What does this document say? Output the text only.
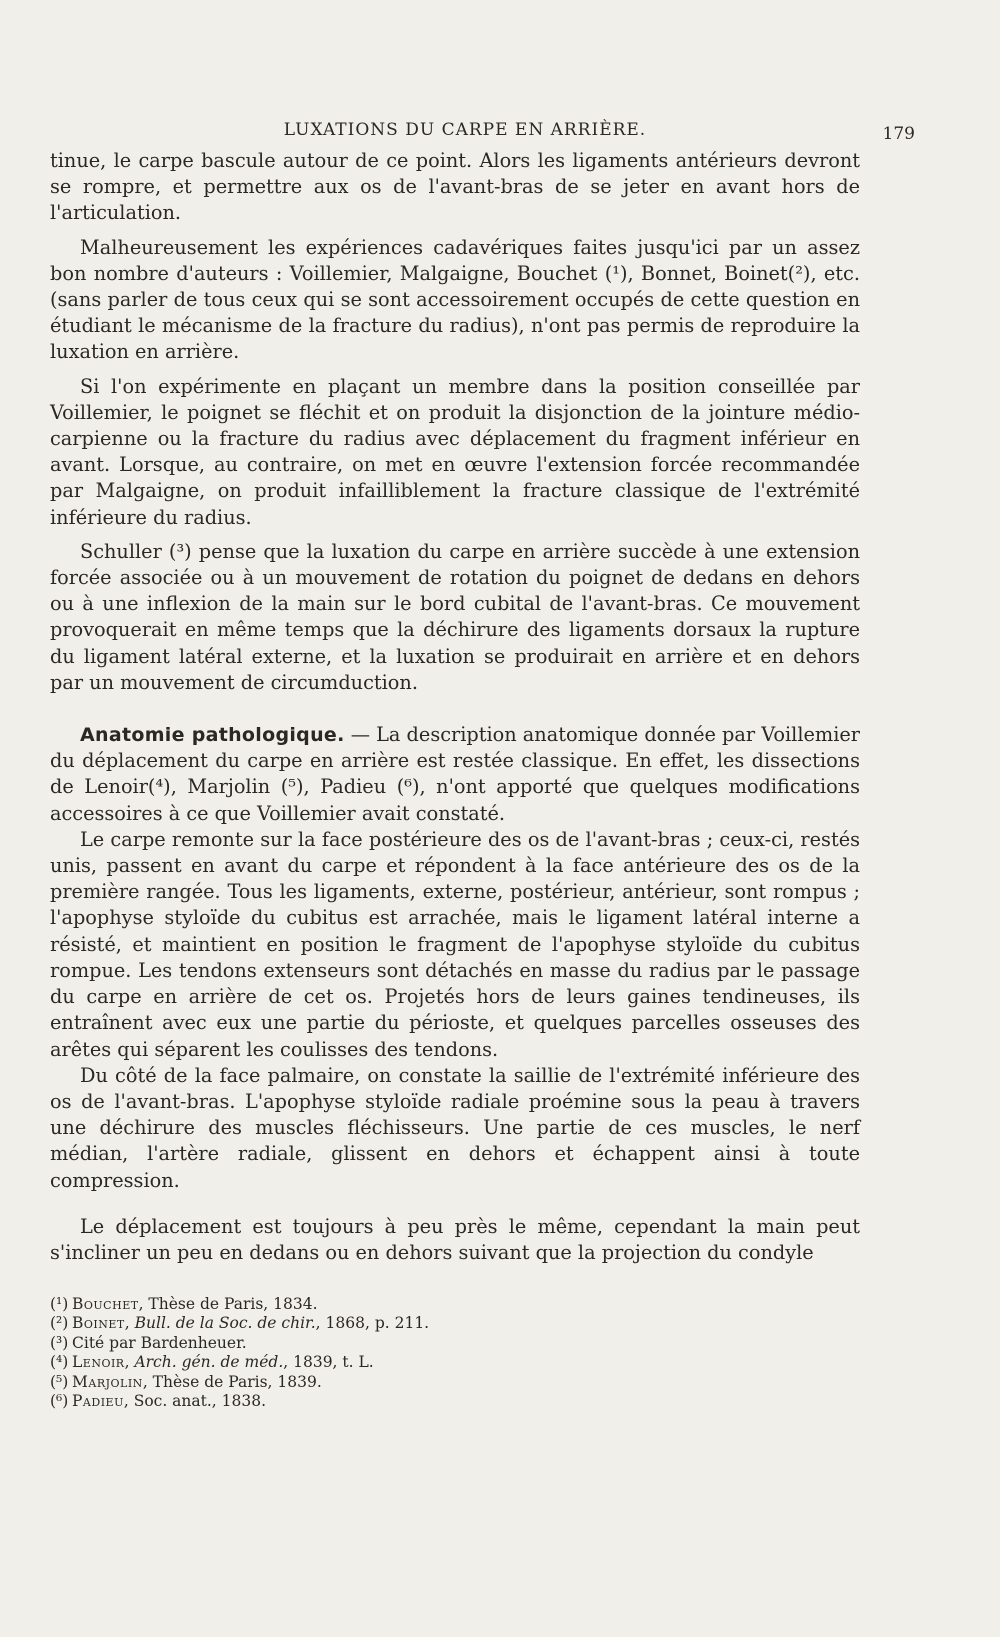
LUXATIONS DU CARPE EN ARRIÈRE.	179

tinue, le carpe bascule autour de ce point. Alors les ligaments antérieurs devront se rompre, et permettre aux os de l'avant-bras de se jeter en avant hors de l'articulation.

Malheureusement les expériences cadavériques faites jusqu'ici par un assez bon nombre d'auteurs : Voillemier, Malgaigne, Bouchet (¹), Bonnet, Boinet(²), etc. (sans parler de tous ceux qui se sont accessoirement occupés de cette question en étudiant le mécanisme de la fracture du radius), n'ont pas permis de reproduire la luxation en arrière.

Si l'on expérimente en plaçant un membre dans la position conseillée par Voillemier, le poignet se fléchit et on produit la disjonction de la jointure médio-carpienne ou la fracture du radius avec déplacement du fragment inférieur en avant. Lorsque, au contraire, on met en œuvre l'extension forcée recommandée par Malgaigne, on produit infailliblement la fracture classique de l'extrémité inférieure du radius.

Schuller (³) pense que la luxation du carpe en arrière succède à une extension forcée associée ou à un mouvement de rotation du poignet de dedans en dehors ou à une inflexion de la main sur le bord cubital de l'avant-bras. Ce mouvement provoquerait en même temps que la déchirure des ligaments dorsaux la rupture du ligament latéral externe, et la luxation se produirait en arrière et en dehors par un mouvement de circumduction.

Anatomie pathologique. — La description anatomique donnée par Voillemier du déplacement du carpe en arrière est restée classique. En effet, les dissections de Lenoir(⁴), Marjolin (⁵), Padieu (⁶), n'ont apporté que quelques modifications accessoires à ce que Voillemier avait constaté.

Le carpe remonte sur la face postérieure des os de l'avant-bras ; ceux-ci, restés unis, passent en avant du carpe et répondent à la face antérieure des os de la première rangée. Tous les ligaments, externe, postérieur, antérieur, sont rompus ; l'apophyse styloïde du cubitus est arrachée, mais le ligament latéral interne a résisté, et maintient en position le fragment de l'apophyse styloïde du cubitus rompue. Les tendons extenseurs sont détachés en masse du radius par le passage du carpe en arrière de cet os. Projetés hors de leurs gaines tendineuses, ils entraînent avec eux une partie du périoste, et quelques parcelles osseuses des arêtes qui séparent les coulisses des tendons.

Du côté de la face palmaire, on constate la saillie de l'extrémité inférieure des os de l'avant-bras. L'apophyse styloïde radiale proémine sous la peau à travers une déchirure des muscles fléchisseurs. Une partie de ces muscles, le nerf médian, l'artère radiale, glissent en dehors et échappent ainsi à toute compression.

Le déplacement est toujours à peu près le même, cependant la main peut s'incliner un peu en dedans ou en dehors suivant que la projection du condyle

(¹) Bouchet, Thèse de Paris, 1834.
(²) Boinet, Bull. de la Soc. de chir., 1868, p. 211.
(³) Cité par Bardenheuer.
(⁴) Lenoir, Arch. gén. de méd., 1839, t. L.
(⁵) Marjolin, Thèse de Paris, 1839.
(⁶) Padieu, Soc. anat., 1838.
